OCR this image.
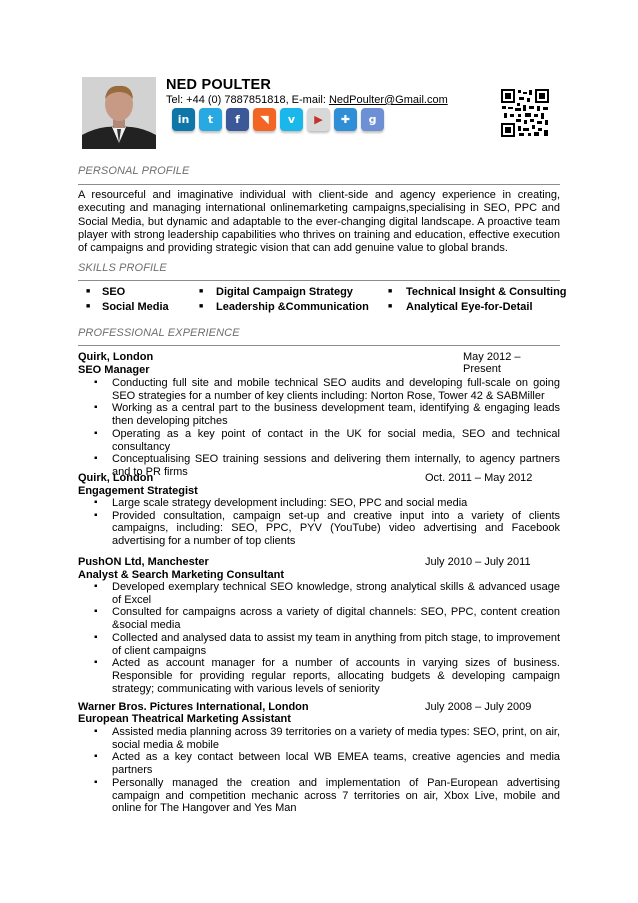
NED POULTER
Tel: +44 (0) 7887851818, E-mail: NedPoulter@Gmail.com
in t f ◥ v ▶ ✚ g
PERSONAL PROFILE
A resourceful and imaginative individual with client-side and agency experience in creating, executing and managing international onlinemarketing campaigns,specialising in SEO, PPC and Social Media, but dynamic and adaptable to the ever-changing digital landscape. A proactive team player with strong leadership capabilities who thrives on training and education, effective execution of campaigns and providing strategic vision that can add genuine value to global brands.
SKILLS PROFILE
■ SEO	■ Digital Campaign Strategy	■ Technical Insight & Consulting
■ Social Media	■ Leadership &Communication	■ Analytical Eye-for-Detail
PROFESSIONAL EXPERIENCE
Quirk, London	May 2012 – Present
SEO Manager
▪ Conducting full site and mobile technical SEO audits and developing full-scale on going SEO strategies for a number of key clients including: Norton Rose, Tower 42 & SABMiller
▪ Working as a central part to the business development team, identifying & engaging leads then developing pitches
▪ Operating as a key point of contact in the UK for social media, SEO and technical consultancy
▪ Conceptualising SEO training sessions and delivering them internally, to agency partners and to PR firms
Quirk, London	Oct. 2011 – May 2012
Engagement Strategist
▪ Large scale strategy development including: SEO, PPC and social media
▪ Provided consultation, campaign set-up and creative input into a variety of clients campaigns, including: SEO, PPC, PYV (YouTube) video advertising and Facebook advertising for a number of top clients
PushON Ltd, Manchester	July 2010 – July 2011
Analyst & Search Marketing Consultant
▪ Developed exemplary technical SEO knowledge, strong analytical skills & advanced usage of Excel
▪ Consulted for campaigns across a variety of digital channels: SEO, PPC, content creation &social media
▪ Collected and analysed data to assist my team in anything from pitch stage, to improvement of client campaigns
▪ Acted as account manager for a number of accounts in varying sizes of business. Responsible for providing regular reports, allocating budgets & developing campaign strategy; communicating with various levels of seniority
Warner Bros. Pictures International, London	July 2008 – July 2009
European Theatrical Marketing Assistant
▪ Assisted media planning across 39 territories on a variety of media types: SEO, print, on air, social media & mobile
▪ Acted as a key contact between local WB EMEA teams, creative agencies and media partners
▪ Personally managed the creation and implementation of Pan-European advertising campaign and competition mechanic across 7 territories on air, Xbox Live, mobile and online for The Hangover and Yes Man
